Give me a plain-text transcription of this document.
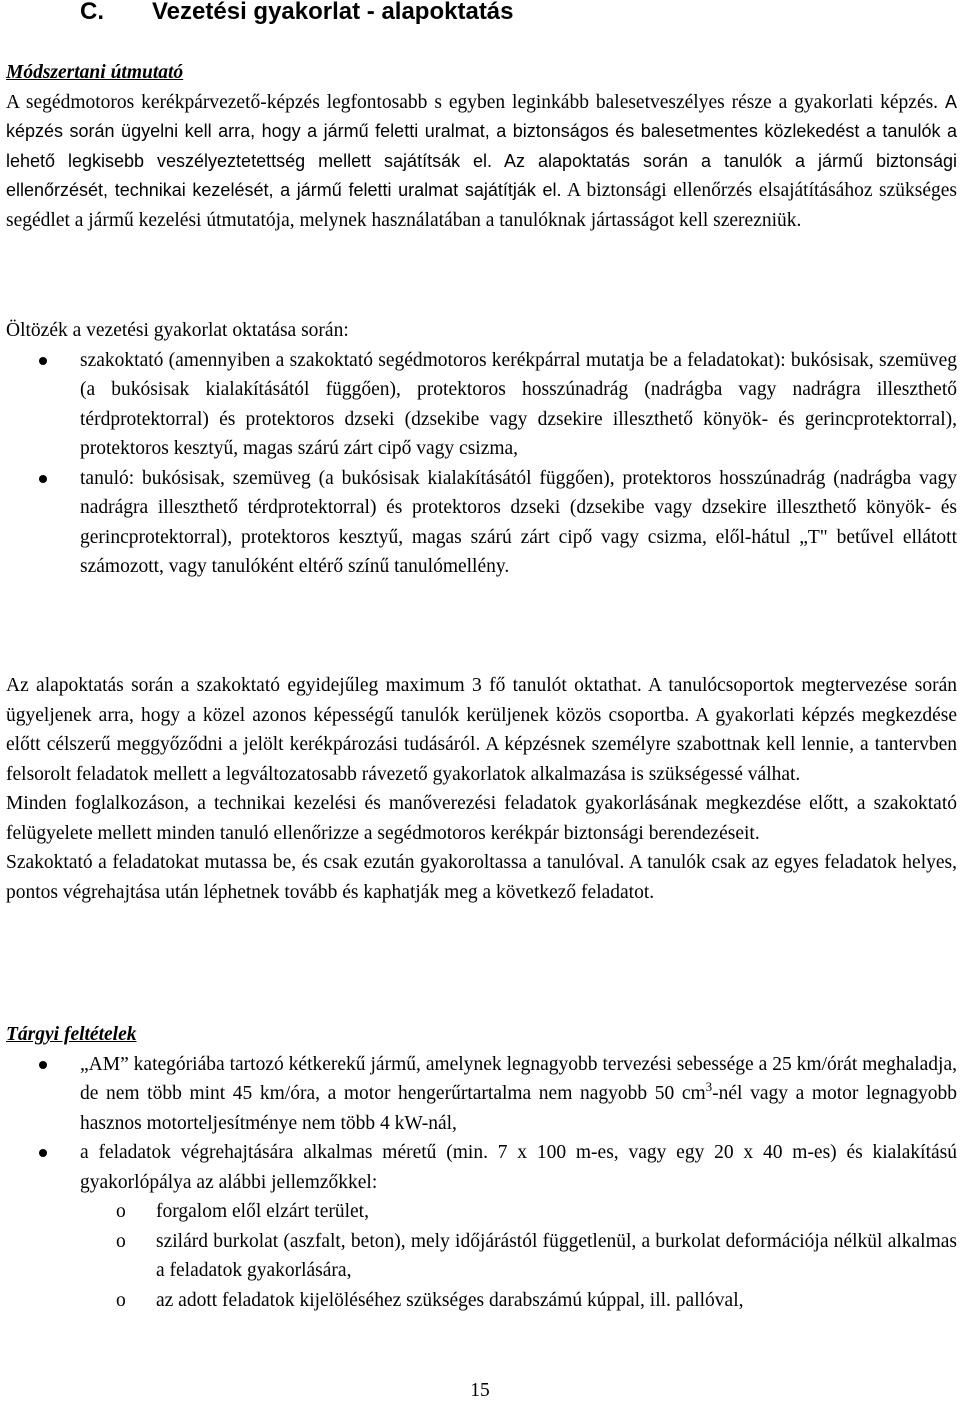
C. Vezetési gyakorlat - alapoktatás

Módszertani útmutató

A segédmotoros kerékpárvezető-képzés legfontosabb s egyben leginkább balesetveszélyes része a gyakorlati képzés. A képzés során ügyelni kell arra, hogy a jármű feletti uralmat, a biztonságos és balesetmentes közlekedést a tanulók a lehető legkisebb veszélyeztetettség mellett sajátítsák el. Az alapoktatás során a tanulók a jármű biztonsági ellenőrzését, technikai kezelését, a jármű feletti uralmat sajátítják el. A biztonsági ellenőrzés elsajátításához szükséges segédlet a jármű kezelési útmutatója, melynek használatában a tanulóknak jártasságot kell szerezniük.

Öltözék a vezetési gyakorlat oktatása során:

szakoktató (amennyiben a szakoktató segédmotoros kerékpárral mutatja be a feladatokat): bukósisak, szemüveg (a bukósisak kialakításától függően), protektoros hosszúnadrág (nadrágba vagy nadrágra illeszthető térdprotektorral) és protektoros dzseki (dzsekibe vagy dzsekire illeszthető könyök- és gerincprotektorral), protektoros kesztyű, magas szárú zárt cipő vagy csizma,
tanuló: bukósisak, szemüveg (a bukósisak kialakításától függően), protektoros hosszúnadrág (nadrágba vagy nadrágra illeszthető térdprotektorral) és protektoros dzseki (dzsekibe vagy dzsekire illeszthető könyök- és gerincprotektorral), protektoros kesztyű, magas szárú zárt cipő vagy csizma, elől-hátul „T" betűvel ellátott számozott, vagy tanulóként eltérő színű tanulómellény.

Az alapoktatás során a szakoktató egyidejűleg maximum 3 fő tanulót oktathat. A tanulócsoportok megtervezése során ügyeljenek arra, hogy a közel azonos képességű tanulók kerüljenek közös csoportba. A gyakorlati képzés megkezdése előtt célszerű meggyőződni a jelölt kerékpározási tudásáról. A képzésnek személyre szabottnak kell lennie, a tantervben felsorolt feladatok mellett a legváltozatosabb rávezető gyakorlatok alkalmazása is szükségessé válhat.

Minden foglalkozáson, a technikai kezelési és manőverezési feladatok gyakorlásának megkezdése előtt, a szakoktató felügyelete mellett minden tanuló ellenőrizze a segédmotoros kerékpár biztonsági berendezéseit.

Szakoktató a feladatokat mutassa be, és csak ezután gyakoroltassa a tanulóval. A tanulók csak az egyes feladatok helyes, pontos végrehajtása után léphetnek tovább és kaphatják meg a következő feladatot.

Tárgyi feltételek

„AM” kategóriába tartozó kétkerekű jármű, amelynek legnagyobb tervezési sebessége a 25 km/órát meghaladja, de nem több mint 45 km/óra, a motor hengerűrtartalma nem nagyobb 50 $cm^3$-nél vagy a motor legnagyobb hasznos motorteljesítménye nem több 4 kW-nál,
a feladatok végrehajtására alkalmas méretű (min. 7 x 100 m-es, vagy egy 20 x 40 m-es) és kialakítású gyakorlópálya az alábbi jellemzőkkel:
o forgalom elől elzárt terület,
o szilárd burkolat (aszfalt, beton), mely időjárástól függetlenül, a burkolat deformációja nélkül alkalmas a feladatok gyakorlására,
o az adott feladatok kijelöléséhez szükséges darabszámú kúppal, ill. pallóval,
15
